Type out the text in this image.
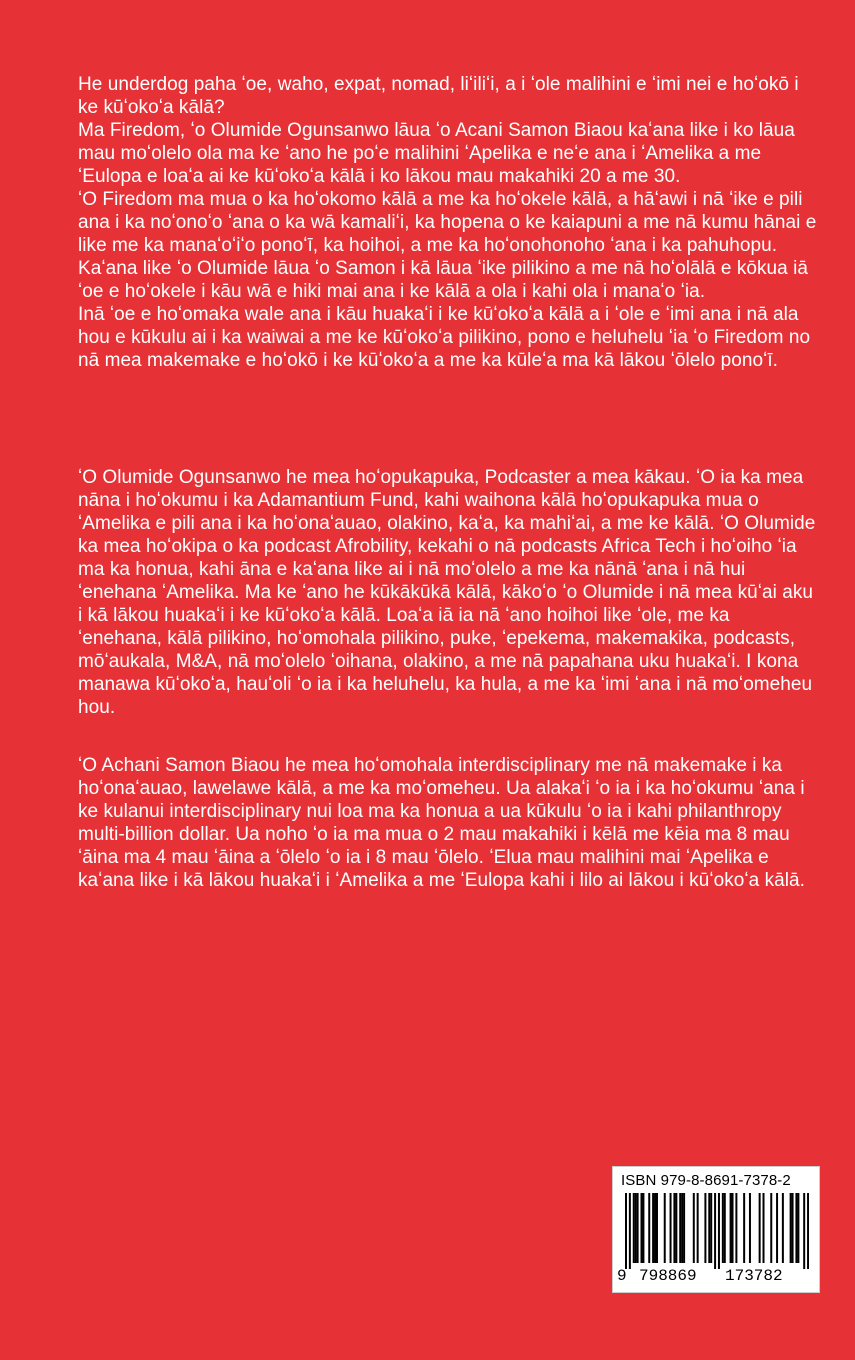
He underdog paha ʻoe, waho, expat, nomad, liʻiliʻi, a i ʻole malihini e ʻimi nei e hoʻokō i ke kūʻokoʻa kālā?

Ma Firedom, ʻo Olumide Ogunsanwo lāua ʻo Acani Samon Biaou kaʻana like i ko lāua mau moʻolelo ola ma ke ʻano he poʻe malihini ʻApelika e neʻe ana i ʻAmelika a me ʻEulopa e loaʻa ai ke kūʻokoʻa kālā i ko lākou mau makahiki 20 a me 30.

ʻO Firedom ma mua o ka hoʻokomo kālā a me ka hoʻokele kālā, a hāʻawi i nā ʻike e pili ana i ka noʻonoʻo ʻana o ka wā kamaliʻi, ka hopena o ke kaiapuni a me nā kumu hānai e like me ka manaʻoʻiʻo ponoʻī, ka hoihoi, a me ka hoʻonohonoho ʻana i ka pahuhopu. Kaʻana like ʻo Olumide lāua ʻo Samon i kā lāua ʻike pilikino a me nā hoʻolālā e kōkua iā ʻoe e hoʻokele i kāu wā e hiki mai ana i ke kālā a ola i kahi ola i manaʻo ʻia.

Inā ʻoe e hoʻomaka wale ana i kāu huakaʻi i ke kūʻokoʻa kālā a i ʻole e ʻimi ana i nā ala hou e kūkulu ai i ka waiwai a me ke kūʻokoʻa pilikino, pono e heluhelu ʻia ʻo Firedom no nā mea makemake e hoʻokō i ke kūʻokoʻa a me ka kūleʻa ma kā lākou ʻōlelo ponoʻī.

ʻO Olumide Ogunsanwo he mea hoʻopukapuka, Podcaster a mea kākau. ʻO ia ka mea nāna i hoʻokumu i ka Adamantium Fund, kahi waihona kālā hoʻopukapuka mua o ʻAmelika e pili ana i ka hoʻonaʻauao, olakino, kaʻa, ka mahiʻai, a me ke kālā. ʻO Olumide ka mea hoʻokipa o ka podcast Afrobility, kekahi o nā podcasts Africa Tech i hoʻoiho ʻia ma ka honua, kahi āna e kaʻana like ai i nā moʻolelo a me ka nānā ʻana i nā hui ʻenehana ʻAmelika. Ma ke ʻano he kūkākūkā kālā, kākoʻo ʻo Olumide i nā mea kūʻai aku i kā lākou huakaʻi i ke kūʻokoʻa kālā. Loaʻa iā ia nā ʻano hoihoi like ʻole, me ka ʻenehana, kālā pilikino, hoʻomohala pilikino, puke, ʻepekema, makemakika, podcasts, mōʻaukala, M&A, nā moʻolelo ʻoihana, olakino, a me nā papahana uku huakaʻi. I kona manawa kūʻokoʻa, hauʻoli ʻo ia i ka heluhelu, ka hula, a me ka ʻimi ʻana i nā moʻomeheu hou.

ʻO Achani Samon Biaou he mea hoʻomohala interdisciplinary me nā makemake i ka hoʻonaʻauao, lawelawe kālā, a me ka moʻomeheu. Ua alakaʻi ʻo ia i ka hoʻokumu ʻana i ke kulanui interdisciplinary nui loa ma ka honua a ua kūkulu ʻo ia i kahi philanthropy multi-billion dollar. Ua noho ʻo ia ma mua o 2 mau makahiki i kēlā me kēia ma 8 mau ʻāina ma 4 mau ʻāina a ʻōlelo ʻo ia i 8 mau ʻōlelo. ʻElua mau malihini mai ʻApelika e kaʻana like i kā lākou huakaʻi i ʻAmelika a me ʻEulopa kahi i lilo ai lākou i kūʻokoʻa kālā.

ISBN 979-8-8691-7378-2
9 798869 173782
